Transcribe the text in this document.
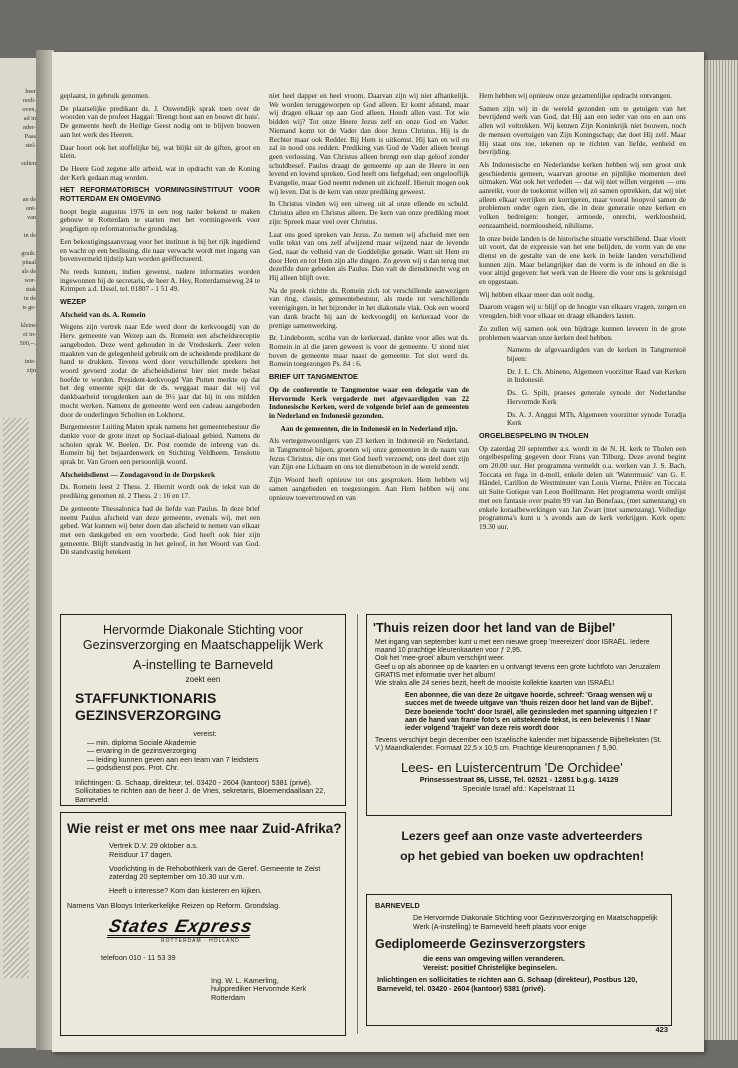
heer
nodi-
oven,
ad in
nder-
Paas
stel-
sulten
an de
ont-
van
in de
gruik:
pitaal
als de
wor-
stuk
in de
is ge-
kleine
et in-
500,--.
inte-
zijn

geplaatst, in gebruik genomen.

De plaatselijke predikant ds. J. Ouwendijk sprak toen over de woorden van de profeet Haggai: 'Brengt hout aan en bouwt dit huis'. De gemeente heeft de Heilige Geest nodig om te blijven bouwen aan het werk des Heeren.

Daar hoort ook het stoffelijke bij, wat blijkt uit de giften, groot en klein.

De Heere God zegene alle arbeid, wat in opdracht van de Koning der Kerk gedaan mag worden.

HET REFORMATORISCH VORMINGSINSTITUUT VOOR ROTTERDAM EN OMGEVING

hoopt begin augustus 1976 in een nog nader bekend te maken gebouw te Rotterdam te starten met het vormingswerk voor jeugdigen op reformatorische grondslag.

Een bekostigingsaanvraag voor het instituut is bij het rijk ingediend en wacht op een beslissing, die naar verwacht wordt met ingang van bovenvermeld tijdstip kan worden geëffectueerd.

Nu reeds kunnen, indien gewenst, nadere informaties worden ingewonnen bij de secretaris, de heer A. Hey, Rotterdamseweg 24 te Krimpen a.d. IJssel, tel. 01807 - 1 51 49.

WEZEP

Afscheid van ds. A. Romein

Wegens zijn vertrek naar Ede werd door de kerkvoogdij van de Herv. gemeente van Wezep aan ds. Romein een afscheidsreceptie aangeboden. Deze werd gehouden in de Vredeskerk. Zeer velen maakten van de gelegenheid gebruik om de scheidende predikant de hand te drukken. Tevens werd door verschillende sprekers het woord gevoerd zodat de afscheidsdienst hier niet mede belast hoefde te worden. President-kerkvoogd Van Putten merkte op dat het deg emeente spijt dat de ds. weggaat maar dat wij vol dankbaarheid terugdenken aan de 9½ jaar dat hij in ons midden mocht werken. Namens de gemeente werd een cadeau aangeboden door de ouderlingen Scholten en Lokhorst.

Burgemeester Luiting Maten sprak namens het gemeentebestuur die dankte voor de grote inzet op Sociaal-dialoaal gebied. Namens de scholen sprak W. Beelen. Dr. Post roemde de inbreng van ds. Romein bij het bejaardenwerk en Stichting Veldheem. Tenslotte sprak br. Van Groen een persoonlijk woord.

Afscheidsdienst — Zondagavond in de Dorpskerk

Ds. Romein leest 2 Thess. 2. Hiernit wordt ook de tekst van de prediking genomen nl. 2 Thess. 2 : 16 en 17.

De gemeente Thessalonica had de liefde van Paulus. In deze brief neemt Paulus afscheid van deze gemeente, evenals wij, met een gebed. Wat kunnen wij beter doen dan afscheid te nemen van elkaar met een dankgebed en een voorbede. God heeft ook hier zijn gemeente. Blijft standvastig in het geloof, in het Woord van God. Dit standvastig betekent

niet heel dapper en heel vroom. Daarvan zijn wij niet afhankelijk. We worden teruggeworpen op God alleen. Er komt afstand, maar wij dragen elkaar op aan God alleen. Houdt allen vast. Tot wie bidden wij? Tot onze Heere Jezus zelf en onze God en Vader. Niemand komt tot de Vader dan door Jezus Christus. Hij is de Rechter maar ook Redder. Bij Hem is uitkomst. Hij kan en wil en zal in nood ons redden. Prediking van God de Vader alleen brengt geen verlossing. Van Christus alleen brengt een slap geloof zonder schuldbesef. Paulus draagt de gemeente op aan de Heere in een levend en lovend spreken. God heeft ons liefgehad; een ongelooflijk Evangelie, maar God neemt redenen uit zichzelf. Hieruit mogen ook wij leven. Dat is de kern van onze prediking geweest.

In Christus vinden wij een uitweg uit al onze ellende en schuld. Christus allen en Christus alleen. De kern van onze prediking moet zijn: Spreek maar veel over Christus.

Laat ons goed spreken van Jezus. Zo nemen wij afscheid met een volle tekst van ons zelf afwijzend maar wijzend naar de levende God, naar de volheid van de Goddelijke genade. Want uit Hem en door Hem en tot Hem zijn alle dingen. Zo geven wij u dan terug met dezelfde dure gebeden als Paulus. Dan valt de dienstknecht weg en Hij alleen blijft over.

Na de preek richtte ds. Romein zich tot verschillende aanwezigen van ring, classis, gemeentebestuur, als mede tot verschillende verenigingen, in het bijzonder in het diakonale vlak. Ook een woord van dank bracht hij aan de kerkvoogdij en kerkeraad voor de prettige samenwerking.

Br. Lindeboom, scriba van de kerkeraad, dankte voor alles wat ds. Romein in al die jaren geweest is voor de gemeente. U stond niet boven de gemeente maar naast de gemeente. Tot slot werd ds. Romein toegezongen Ps. 84 : 6.

BRIEF UIT TANGMENTOE

Op de conferentie te Tangmentoe waar een delegatie van de Hervormde Kerk vergaderde met afgevaardigden van 22 Indonesische Kerken, werd de volgende brief aan de gemeenten in Nederland en Indonesië gezonden.

Aan de gemeenten, die in Indonesië en in Nederland zijn.

Als vertegenwoordigers van 23 kerken in Indonesië en Nederland, in Tangmentoë bijeen, groeten wij onze gemeenten in de naam van Jezus Christus, die ons met God heeft verzoend, ons deel doet zijn van Zijn ene Lichaam en ons tot dienstbetoon in de wereld zendt.

Zijn Woord heeft opnieuw tot ons gesproken. Hem hebben wij samen aangebeden en toegezongen. Aan Hem hebben wij ons opnieuw toevertrouwd en van

Hem hebben wij opnieuw onze gezamenlijke opdracht ontvangen.

Samen zijn wij in de wereld gezonden om te getuigen van het bevrijdend werk van God, dat Hij aan een ieder van ons en aan ons allen wil voltrekken. Wij kennen Zijn Koninkrijk niet bouwen, noch de mensen overtuigen van Zijn Koningschap; dat doet Hij zelf. Maar Hij staat ons toe, tekenen op te richten van liefde, eenheid en bevrijding.

Als Indonesische en Nederlandse kerken hebben wij een groot stuk geschiedenis gemeen, waarvan grootse en pijnlijke momenten deel uitmaken. Wat ook het verleden — dat wij niet willen vergeten — ons aanreikt, voor de toekomst willen wij zó samen optrekken, dat wij niet alleen elkaar verrijken en korrigeren, maar vooral hoopvol samen de problemen onder ogen zien, die in deze generatie onze kerken en volken bedreigen: honger, armoede, onrecht, werkloosheid, eenzaamheid, normloosheid, nihilisme.

In onze beide landen is de historische situatie verschillend. Daar vloeit uit voort, dat de expressie van het ene belijden, de vorm van de ene dienst en de gestalte van de ene kerk in beide landen verschillend kunnen zijn. Maar belangrijker dan de vorm is de inhoud en die is voor altijd gegeven: het werk van de Heere die voor ons is gekruisigd en opgestaan.

Wij hebben elkaar meer dan ooit nodig.

Daarom vragen wij u: blijf op de hoogte van elkaars vragen, zorgen en vreugden, bidt voor elkaar en draagt elkanders lasten.

Zo zullen wij samen ook een bijdrage kunnen leveren in de grote problemen waarvan onze kerken deel hebben.

Namens de afgevaardigden van de kerken in Tangmentoë bijeen:

Dr. J. L. Ch. Abineno, Algemeen voorzitter Raad van Kerken in Indonesië.

Ds. G. Spilt, praeses generale synode der Nederlandse Hervormde Kerk

Ds. A. J. Anggui MTh, Algemeen voorzitter synode Toradja Kerk

ORGELBESPELING IN THOLEN

Op zaterdag 20 september a.s. wordt in de N. H. kerk te Tholen een orgelbespeling gegeven door Frans van Tilburg. Deze avond begint om 20.00 uur. Het programma vermeldt o.a. werken van J. S. Bach, Toccata en fuga in d-moll, enkele delen uit 'Watermusic' van G. F. Händel, Carillon de Westminster van Louis Vierne, Prière en Toccata uit Suite Gotique van Leon Boëllmann. Het programma wordt omlijst met een fantasie over psalm 99 van Jan Bonefaas, (met samenzang) en enkele koraalbewerkingen van Jan Zwart (met samenzang). Volledige programma's kunt u 's avonds aan de kerk verkrijgen. Kerk open: 19.30 uur.

Hervormde Diakonale Stichting voor Gezinsverzorging en Maatschappelijk Werk
A-instelling te Barneveld
zoekt een
STAFFUNKTIONARIS
GEZINSVERZORGING
vereist:
— min. diploma Sociale Akademie
— ervaring in de gezinsverzorging
— leiding kunnen geven aan een team van 7 leidsters
— godsdienst pos. Prot. Chr.
Inlichtingen: G. Schaap, direkteur, tel. 03420 - 2604 (kantoor) 5381 (privé). Sollicitaties te richten aan de heer J. de Vries, sekretaris, Bloemendaallaan 22, Barneveld.
Wie reist er met ons mee naar Zuid-Afrika?
Vertrek D.V. 29 oktober a.s.
Reisduur 17 dagen.
Voorlichting in de Rehobothkerk van de Geref. Gemeente te Zeist zaterdag 20 september om 10.30 uur v.m.
Heeft u interesse? Kom dan luisteren en kijken.
Namens Van Blooys Interkerkelijke Reizen op Reform. Grondslag.
States Express
ROTTERDAM · HOLLAND
telefoon 010 - 11 53 39
Ing. W. L. Kamerling,
hulpprediker Hervormde Kerk
Rotterdam
'Thuis reizen door het land van de Bijbel'
Met ingang van september kunt u met een nieuwe groep 'meereizen' door ISRAËL. Iedere maand 10 prachtige kleurenkaarten voor ƒ 2,95.
Ook het 'mee-groei' album verschijnt weer.
Geef u op als abonnee op de kaarten en u ontvangt tevens een grote luchtfoto van Jeruzalem GRATIS met informatie over het album!
Wie straks alle 24 series bezit, heeft de mooiste kollektie kaarten van ISRAËL!
Een abonnee, die van deze 2e uitgave hoorde, schreef: 'Graag wensen wij u succes met de tweede uitgave van 'thuis reizen door het land van de Bijbel'. Deze boeiende 'tocht' door Israël, alle gezinsleden met spanning uitgezien ! !' aan de hand van franie foto's en uitstekende tekst, is een belevenis ! ! Naar ieder volgend 'trajekt' van deze reis wordt door
Tevens verschijnt begin december een Israëlische kalender met bijpassende Bijbelteksten (St. V.) Maandkalender. Formaat 22,5 x 10,5 cm. Prachtige kleurenopnamen ƒ 5,90.
Lees- en Luistercentrum 'De Orchidee'
Prinsessestraat 86, LISSE, Tel. 02521 - 12851 b.g.g. 14129
Speciale Israël afd.: Kapelstraat 11
Lezers geef aan onze vaste adverteerders
op het gebied van boeken uw opdrachten!
BARNEVELD
De Hervormde Diakonale Stichting voor Gezinsverzorging en Maatschappelijk Werk (A-instelling) te Barneveld heeft plaats voor enige
Gediplomeerde Gezinsverzorgsters
die eens van omgeving willen veranderen.
Vereist: positief Christelijke beginselen.
Inlichtingen en sollicitaties te richten aan G. Schaap (direkteur), Postbus 120, Barneveld, tel. 03420 - 2604 (kantoor) 5381 (privé).
423
